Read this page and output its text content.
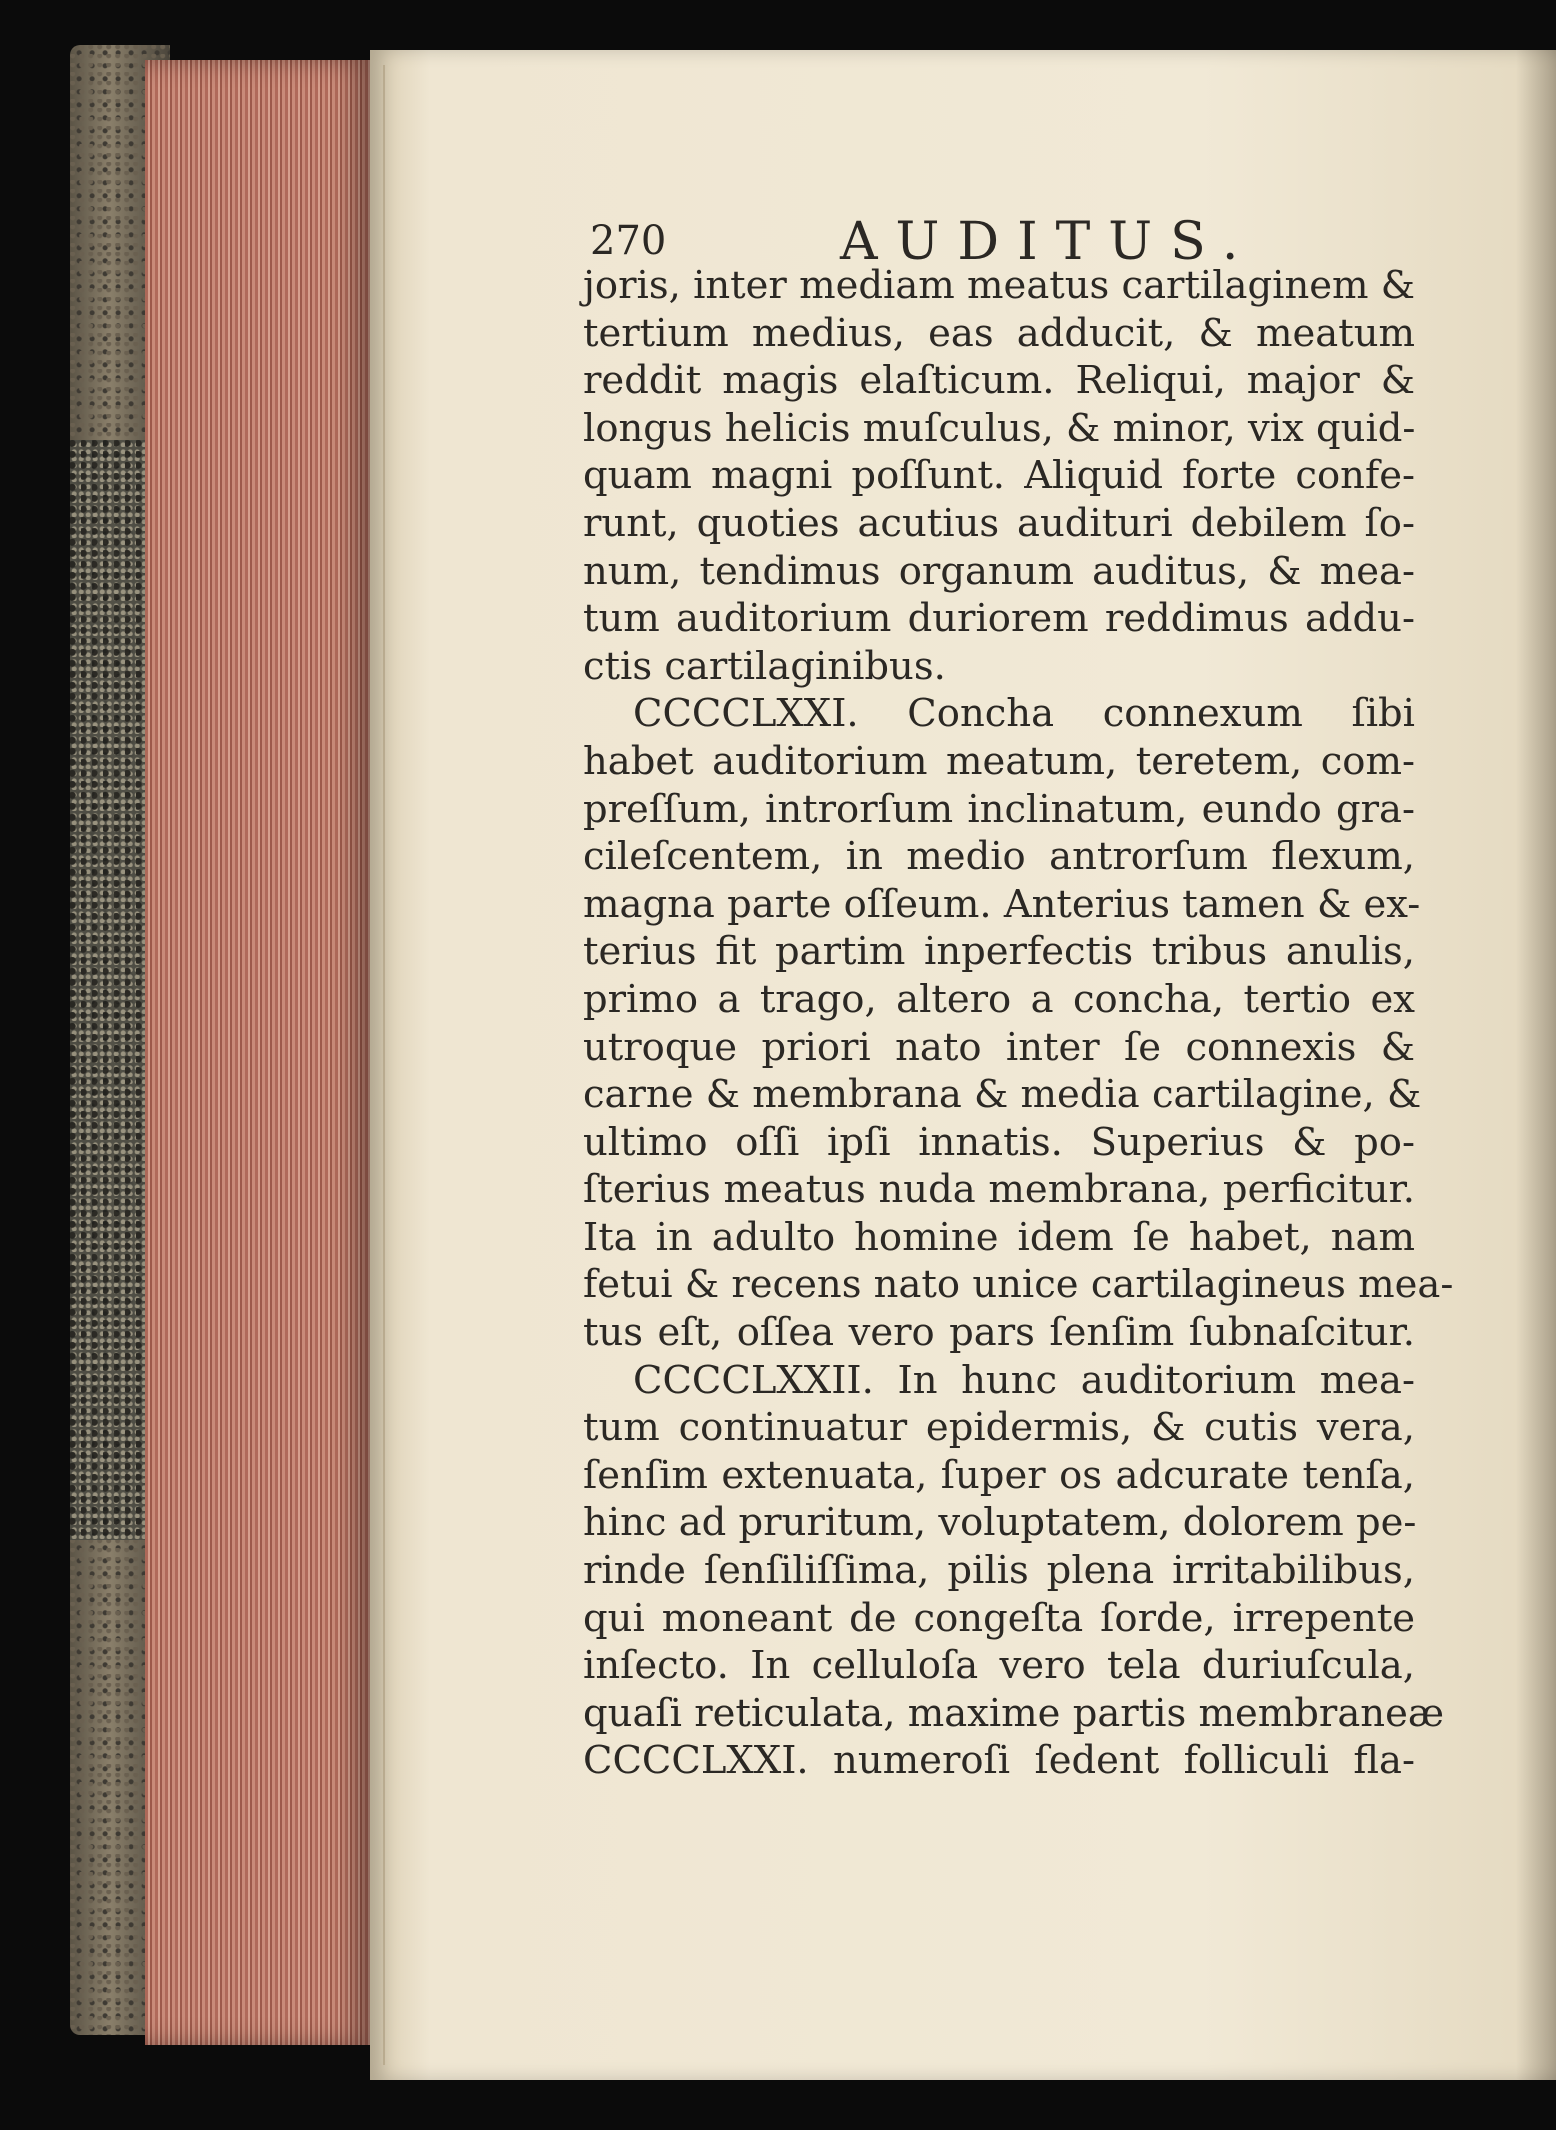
270	AUDITUS.
joris, inter mediam meatus cartilaginem &
tertium medius, eas adducit, & meatum
reddit magis elaſticum. Reliqui, major &
longus helicis muſculus, & minor, vix quid-
quam magni poſſunt. Aliquid forte confe-
runt, quoties acutius audituri debilem ſo-
num, tendimus organum auditus, & mea-
tum auditorium duriorem reddimus addu-
ctis cartilaginibus.
CCCCLXXI. Concha connexum ſibi
habet auditorium meatum, teretem, com-
preſſum, introrſum inclinatum, eundo gra-
cileſcentem, in medio antrorſum flexum,
magna parte oſſeum. Anterius tamen & ex-
terius fit partim inperfectis tribus anulis,
primo a trago, altero a concha, tertio ex
utroque priori nato inter ſe connexis &
carne & membrana & media cartilagine, &
ultimo oſſi ipſi innatis. Superius & po-
ſterius meatus nuda membrana, perficitur.
Ita in adulto homine idem ſe habet, nam
fetui & recens nato unice cartilagineus mea-
tus eſt, oſſea vero pars ſenſim ſubnaſcitur.
CCCCLXXII. In hunc auditorium mea-
tum continuatur epidermis, & cutis vera,
ſenſim extenuata, ſuper os adcurate tenſa,
hinc ad pruritum, voluptatem, dolorem pe-
rinde ſenſiliſſima, pilis plena irritabilibus,
qui moneant de congeſta ſorde, irrepente
inſecto. In celluloſa vero tela duriuſcula,
quaſi reticulata, maxime partis membraneæ
CCCCLXXI. numeroſi ſedent folliculi fla-
